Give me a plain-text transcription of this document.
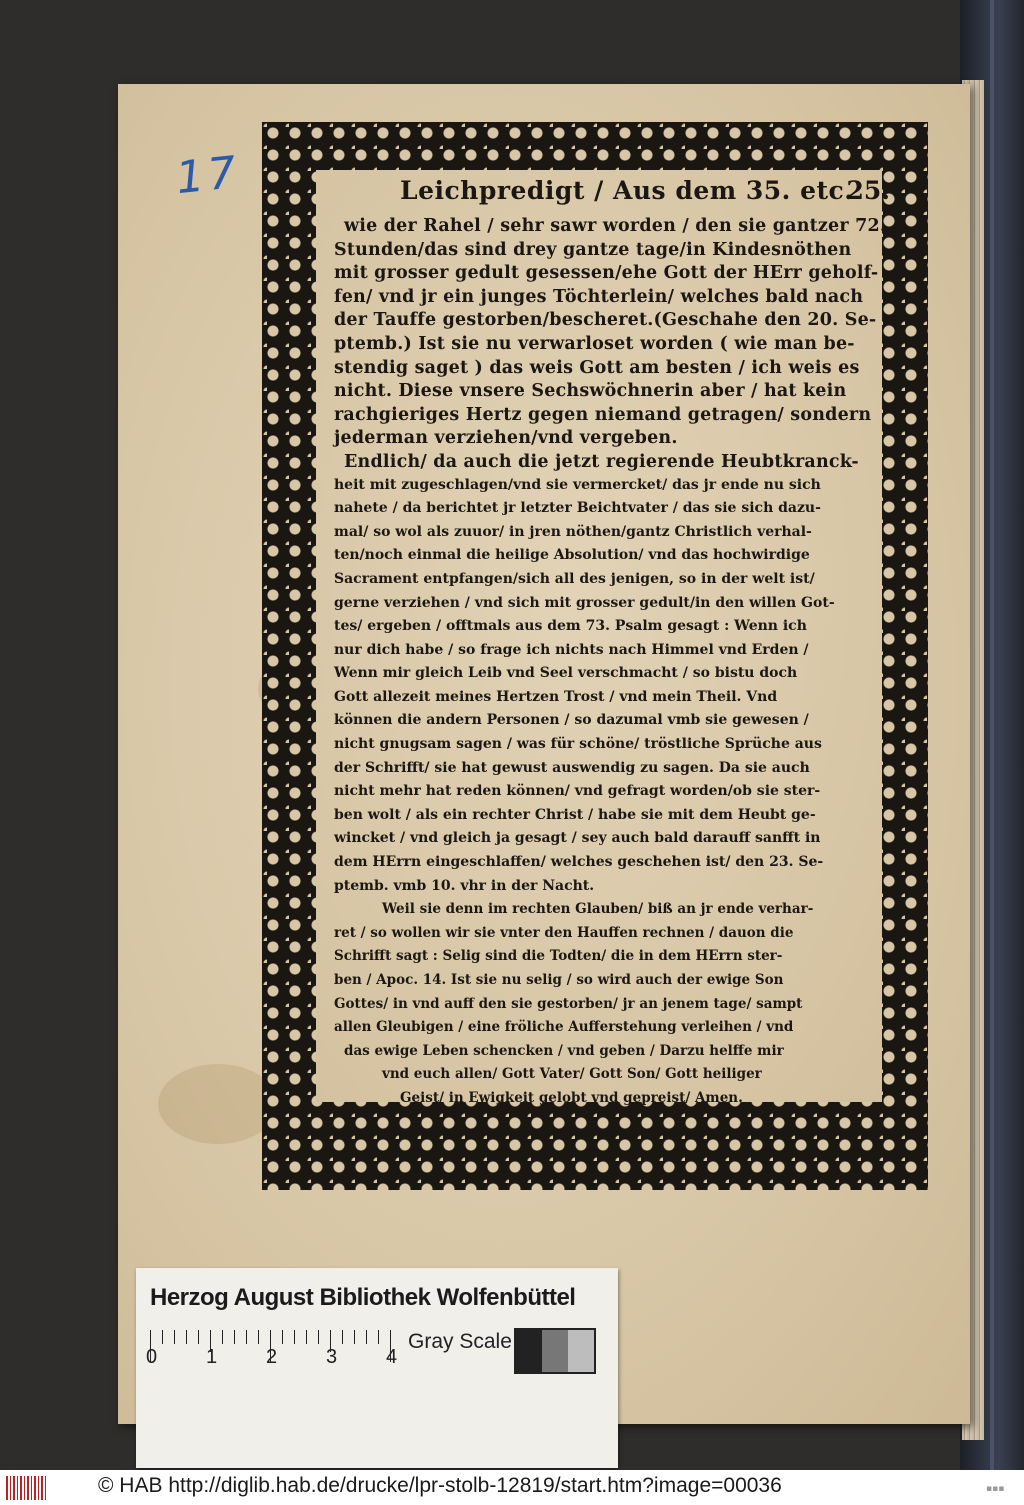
17	Leichpredigt / Aus dem 35. etc.
25.
wie der Rahel / sehr sawr worden / den sie gantzer 72.
Stunden/das sind drey gantze tage/in Kindesnöthen
mit grosser gedult gesessen/ehe Gott der HErr geholf-
fen/ vnd jr ein junges Töchterlein/ welches bald nach
der Tauffe gestorben/bescheret.(Geschahe den 20. Se-
ptemb.) Ist sie nu verwarloset worden ( wie man be-
stendig saget ) das weis Gott am besten / ich weis es
nicht. Diese vnsere Sechswöchnerin aber / hat kein
rachgieriges Hertz gegen niemand getragen/ sondern
jederman verziehen/vnd vergeben.
Endlich/ da auch die jetzt regierende Heubtkranck-
heit mit zugeschlagen/vnd sie vermercket/ das jr ende nu sich
nahete / da berichtet jr letzter Beichtvater / das sie sich dazu-
mal/ so wol als zuuor/ in jren nöthen/gantz Christlich verhal-
ten/noch einmal die heilige Absolution/ vnd das hochwirdige
Sacrament entpfangen/sich all des jenigen, so in der welt ist/
gerne verziehen / vnd sich mit grosser gedult/in den willen Got-
tes/ ergeben / offtmals aus dem 73. Psalm gesagt : Wenn ich
nur dich habe / so frage ich nichts nach Himmel vnd Erden /
Wenn mir gleich Leib vnd Seel verschmacht / so bistu doch
Gott allezeit meines Hertzen Trost / vnd mein Theil. Vnd
können die andern Personen / so dazumal vmb sie gewesen /
nicht gnugsam sagen / was für schöne/ tröstliche Sprüche aus
der Schrifft/ sie hat gewust auswendig zu sagen. Da sie auch
nicht mehr hat reden können/ vnd gefragt worden/ob sie ster-
ben wolt / als ein rechter Christ / habe sie mit dem Heubt ge-
wincket / vnd gleich ja gesagt / sey auch bald darauff sanfft in
dem HErrn eingeschlaffen/ welches geschehen ist/ den 23. Se-
ptemb. vmb 10. vhr in der Nacht.
Weil sie denn im rechten Glauben/ biß an jr ende verhar-
ret / so wollen wir sie vnter den Hauffen rechnen / dauon die
Schrifft sagt : Selig sind die Todten/ die in dem HErrn ster-
ben / Apoc. 14. Ist sie nu selig / so wird auch der ewige Son
Gottes/ in vnd auff den sie gestorben/ jr an jenem tage/ sampt
allen Gleubigen / eine fröliche Aufferstehung verleihen / vnd
das ewige Leben schencken / vnd geben / Darzu helffe mir
vnd euch allen/ Gott Vater/ Gott Son/ Gott heiliger
Geist/ in Ewigkeit gelobt vnd gepreist/ Amen.
Herzog August Bibliothek Wolfenbüttel
0 1 2 3 4
Gray Scale
© HAB http://diglib.hab.de/drucke/lpr-stolb-12819/start.htm?image=00036	▪▪▪
